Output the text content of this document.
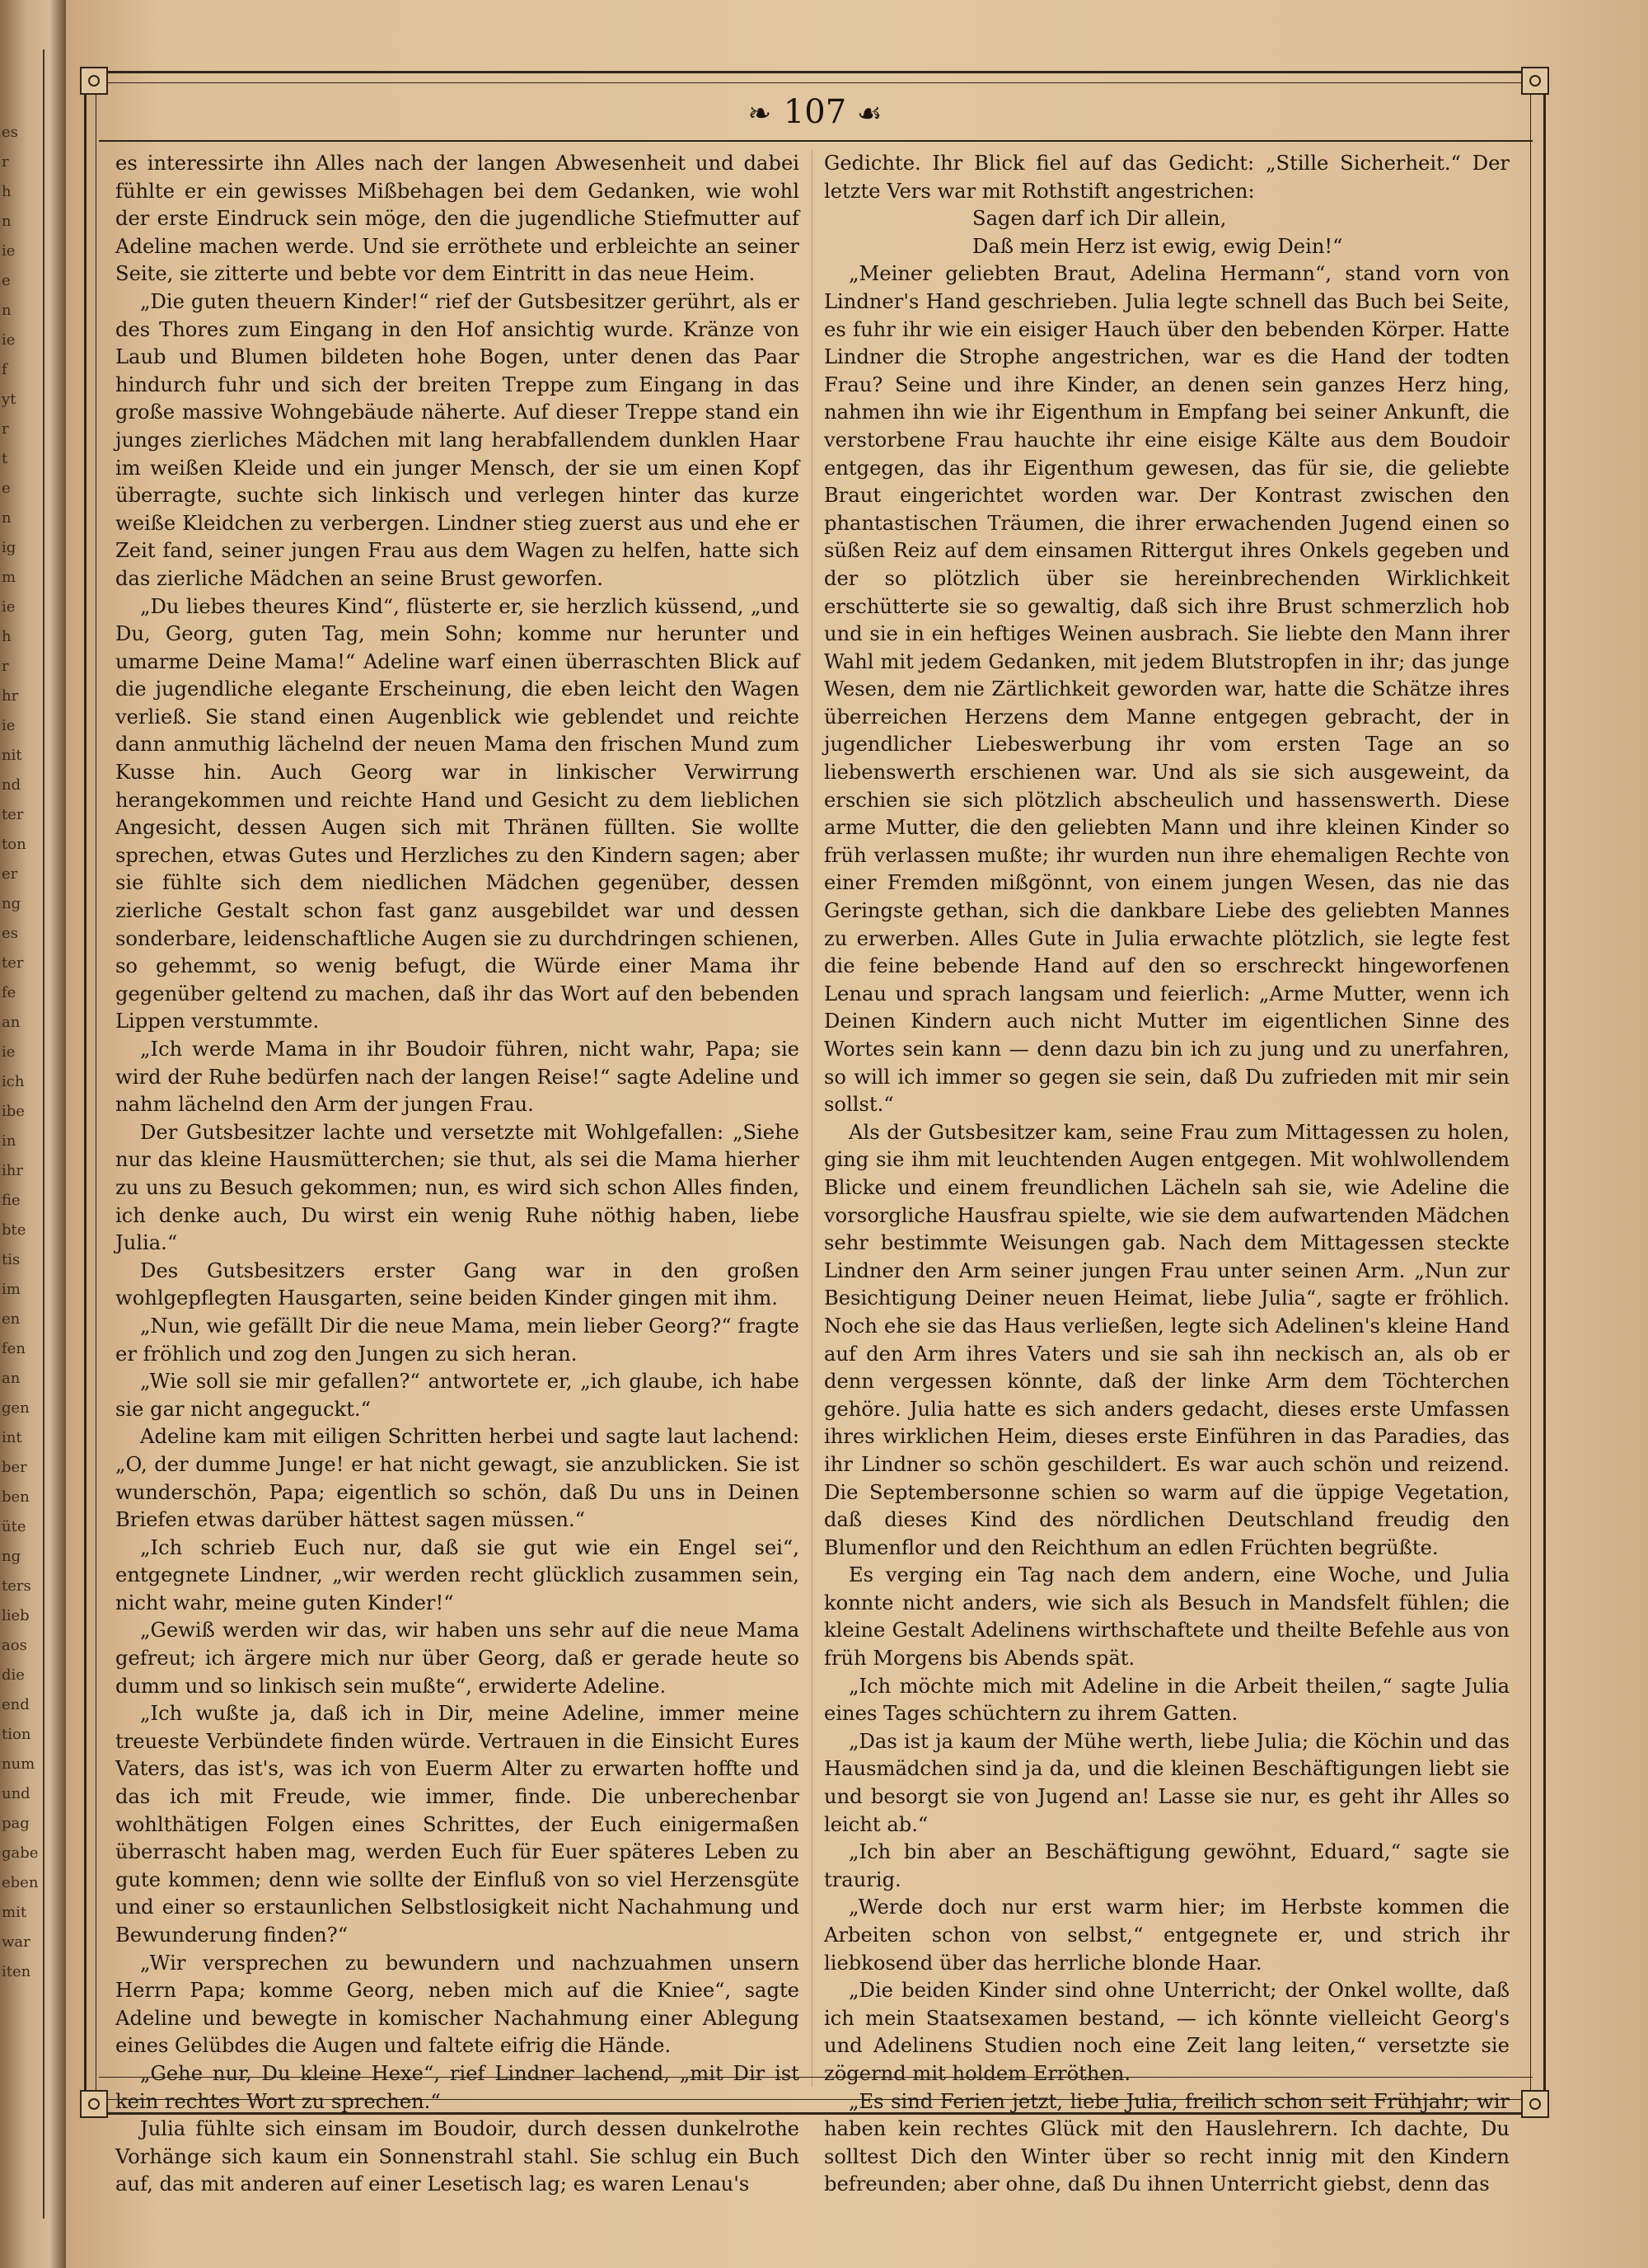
es
r
h
n
ie
e
n
ie
f
yt
r
t
e
n
ig
m
ie
h
r
hr
ie
nit
nd
ter
ton
er
ng
es
ter
fe
an
ie
ich
ibe
in
ihr
fie
bte
tis
im
en
fen
an
gen
int
ber
ben
üte
ng
ters
lieb
aos
die
end
tion
num
und
pag
gabe
eben
mit
war
iten
❧ 107 ☙

es interessirte ihn Alles nach der langen Abwesenheit und dabei fühlte er ein gewisses Mißbehagen bei dem Gedanken, wie wohl der erste Eindruck sein möge, den die jugendliche Stiefmutter auf Adeline machen werde. Und sie erröthete und erbleichte an seiner Seite, sie zitterte und bebte vor dem Eintritt in das neue Heim.

„Die guten theuern Kinder!“ rief der Gutsbesitzer gerührt, als er des Thores zum Eingang in den Hof ansichtig wurde. Kränze von Laub und Blumen bildeten hohe Bogen, unter denen das Paar hindurch fuhr und sich der breiten Treppe zum Eingang in das große massive Wohngebäude näherte. Auf dieser Treppe stand ein junges zierliches Mädchen mit lang herabfallendem dunklen Haar im weißen Kleide und ein junger Mensch, der sie um einen Kopf überragte, suchte sich linkisch und verlegen hinter das kurze weiße Kleidchen zu verbergen. Lindner stieg zuerst aus und ehe er Zeit fand, seiner jungen Frau aus dem Wagen zu helfen, hatte sich das zierliche Mädchen an seine Brust geworfen.

„Du liebes theures Kind“, flüsterte er, sie herzlich küssend, „und Du, Georg, guten Tag, mein Sohn; komme nur herunter und umarme Deine Mama!“ Adeline warf einen überraschten Blick auf die jugendliche elegante Erscheinung, die eben leicht den Wagen verließ. Sie stand einen Augenblick wie geblendet und reichte dann anmuthig lächelnd der neuen Mama den frischen Mund zum Kusse hin. Auch Georg war in linkischer Verwirrung herangekommen und reichte Hand und Gesicht zu dem lieblichen Angesicht, dessen Augen sich mit Thränen füllten. Sie wollte sprechen, etwas Gutes und Herzliches zu den Kindern sagen; aber sie fühlte sich dem niedlichen Mädchen gegenüber, dessen zierliche Gestalt schon fast ganz ausgebildet war und dessen sonderbare, leidenschaftliche Augen sie zu durchdringen schienen, so gehemmt, so wenig befugt, die Würde einer Mama ihr gegenüber geltend zu machen, daß ihr das Wort auf den bebenden Lippen verstummte.

„Ich werde Mama in ihr Boudoir führen, nicht wahr, Papa; sie wird der Ruhe bedürfen nach der langen Reise!“ sagte Adeline und nahm lächelnd den Arm der jungen Frau.

Der Gutsbesitzer lachte und versetzte mit Wohlgefallen: „Siehe nur das kleine Hausmütterchen; sie thut, als sei die Mama hierher zu uns zu Besuch gekommen; nun, es wird sich schon Alles finden, ich denke auch, Du wirst ein wenig Ruhe nöthig haben, liebe Julia.“

Des Gutsbesitzers erster Gang war in den großen wohlgepflegten Hausgarten, seine beiden Kinder gingen mit ihm.

„Nun, wie gefällt Dir die neue Mama, mein lieber Georg?“ fragte er fröhlich und zog den Jungen zu sich heran.

„Wie soll sie mir gefallen?“ antwortete er, „ich glaube, ich habe sie gar nicht angeguckt.“

Adeline kam mit eiligen Schritten herbei und sagte laut lachend: „O, der dumme Junge! er hat nicht gewagt, sie anzublicken. Sie ist wunderschön, Papa; eigentlich so schön, daß Du uns in Deinen Briefen etwas darüber hättest sagen müssen.“

„Ich schrieb Euch nur, daß sie gut wie ein Engel sei“, entgegnete Lindner, „wir werden recht glücklich zusammen sein, nicht wahr, meine guten Kinder!“

„Gewiß werden wir das, wir haben uns sehr auf die neue Mama gefreut; ich ärgere mich nur über Georg, daß er gerade heute so dumm und so linkisch sein mußte“, erwiderte Adeline.

„Ich wußte ja, daß ich in Dir, meine Adeline, immer meine treueste Verbündete finden würde. Vertrauen in die Einsicht Eures Vaters, das ist's, was ich von Euerm Alter zu erwarten hoffte und das ich mit Freude, wie immer, finde. Die unberechenbar wohlthätigen Folgen eines Schrittes, der Euch einigermaßen überrascht haben mag, werden Euch für Euer späteres Leben zu gute kommen; denn wie sollte der Einfluß von so viel Herzensgüte und einer so erstaunlichen Selbstlosigkeit nicht Nachahmung und Bewunderung finden?“

„Wir versprechen zu bewundern und nachzuahmen unsern Herrn Papa; komme Georg, neben mich auf die Kniee“, sagte Adeline und bewegte in komischer Nachahmung einer Ablegung eines Gelübdes die Augen und faltete eifrig die Hände.

„Gehe nur, Du kleine Hexe“, rief Lindner lachend, „mit Dir ist kein rechtes Wort zu sprechen.“

Julia fühlte sich einsam im Boudoir, durch dessen dunkelrothe Vorhänge sich kaum ein Sonnenstrahl stahl. Sie schlug ein Buch auf, das mit anderen auf einer Lesetisch lag; es waren Lenau's

Gedichte. Ihr Blick fiel auf das Gedicht: „Stille Sicherheit.“ Der letzte Vers war mit Rothstift angestrichen:

Sagen darf ich Dir allein,

Daß mein Herz ist ewig, ewig Dein!“

„Meiner geliebten Braut, Adelina Hermann“, stand vorn von Lindner's Hand geschrieben. Julia legte schnell das Buch bei Seite, es fuhr ihr wie ein eisiger Hauch über den bebenden Körper. Hatte Lindner die Strophe angestrichen, war es die Hand der todten Frau? Seine und ihre Kinder, an denen sein ganzes Herz hing, nahmen ihn wie ihr Eigenthum in Empfang bei seiner Ankunft, die verstorbene Frau hauchte ihr eine eisige Kälte aus dem Boudoir entgegen, das ihr Eigenthum gewesen, das für sie, die geliebte Braut eingerichtet worden war. Der Kontrast zwischen den phantastischen Träumen, die ihrer erwachenden Jugend einen so süßen Reiz auf dem einsamen Rittergut ihres Onkels gegeben und der so plötzlich über sie hereinbrechenden Wirklichkeit erschütterte sie so gewaltig, daß sich ihre Brust schmerzlich hob und sie in ein heftiges Weinen ausbrach. Sie liebte den Mann ihrer Wahl mit jedem Gedanken, mit jedem Blutstropfen in ihr; das junge Wesen, dem nie Zärtlichkeit geworden war, hatte die Schätze ihres überreichen Herzens dem Manne entgegen gebracht, der in jugendlicher Liebeswerbung ihr vom ersten Tage an so liebenswerth erschienen war. Und als sie sich ausgeweint, da erschien sie sich plötzlich abscheulich und hassenswerth. Diese arme Mutter, die den geliebten Mann und ihre kleinen Kinder so früh verlassen mußte; ihr wurden nun ihre ehemaligen Rechte von einer Fremden mißgönnt, von einem jungen Wesen, das nie das Geringste gethan, sich die dankbare Liebe des geliebten Mannes zu erwerben. Alles Gute in Julia erwachte plötzlich, sie legte fest die feine bebende Hand auf den so erschreckt hingeworfenen Lenau und sprach langsam und feierlich: „Arme Mutter, wenn ich Deinen Kindern auch nicht Mutter im eigentlichen Sinne des Wortes sein kann — denn dazu bin ich zu jung und zu unerfahren, so will ich immer so gegen sie sein, daß Du zufrieden mit mir sein sollst.“

Als der Gutsbesitzer kam, seine Frau zum Mittagessen zu holen, ging sie ihm mit leuchtenden Augen entgegen. Mit wohlwollendem Blicke und einem freundlichen Lächeln sah sie, wie Adeline die vorsorgliche Hausfrau spielte, wie sie dem aufwartenden Mädchen sehr bestimmte Weisungen gab. Nach dem Mittagessen steckte Lindner den Arm seiner jungen Frau unter seinen Arm. „Nun zur Besichtigung Deiner neuen Heimat, liebe Julia“, sagte er fröhlich. Noch ehe sie das Haus verließen, legte sich Adelinen's kleine Hand auf den Arm ihres Vaters und sie sah ihn neckisch an, als ob er denn vergessen könnte, daß der linke Arm dem Töchterchen gehöre. Julia hatte es sich anders gedacht, dieses erste Umfassen ihres wirklichen Heim, dieses erste Einführen in das Paradies, das ihr Lindner so schön geschildert. Es war auch schön und reizend. Die Septembersonne schien so warm auf die üppige Vegetation, daß dieses Kind des nördlichen Deutschland freudig den Blumenflor und den Reichthum an edlen Früchten begrüßte.

Es verging ein Tag nach dem andern, eine Woche, und Julia konnte nicht anders, wie sich als Besuch in Mandsfelt fühlen; die kleine Gestalt Adelinens wirthschaftete und theilte Befehle aus von früh Morgens bis Abends spät.

„Ich möchte mich mit Adeline in die Arbeit theilen,“ sagte Julia eines Tages schüchtern zu ihrem Gatten.

„Das ist ja kaum der Mühe werth, liebe Julia; die Köchin und das Hausmädchen sind ja da, und die kleinen Beschäftigungen liebt sie und besorgt sie von Jugend an! Lasse sie nur, es geht ihr Alles so leicht ab.“

„Ich bin aber an Beschäftigung gewöhnt, Eduard,“ sagte sie traurig.

„Werde doch nur erst warm hier; im Herbste kommen die Arbeiten schon von selbst,“ entgegnete er, und strich ihr liebkosend über das herrliche blonde Haar.

„Die beiden Kinder sind ohne Unterricht; der Onkel wollte, daß ich mein Staatsexamen bestand, — ich könnte vielleicht Georg's und Adelinens Studien noch eine Zeit lang leiten,“ versetzte sie zögernd mit holdem Erröthen.

„Es sind Ferien jetzt, liebe Julia, freilich schon seit Frühjahr; wir haben kein rechtes Glück mit den Hauslehrern. Ich dachte, Du solltest Dich den Winter über so recht innig mit den Kindern befreunden; aber ohne, daß Du ihnen Unterricht giebst, denn das
